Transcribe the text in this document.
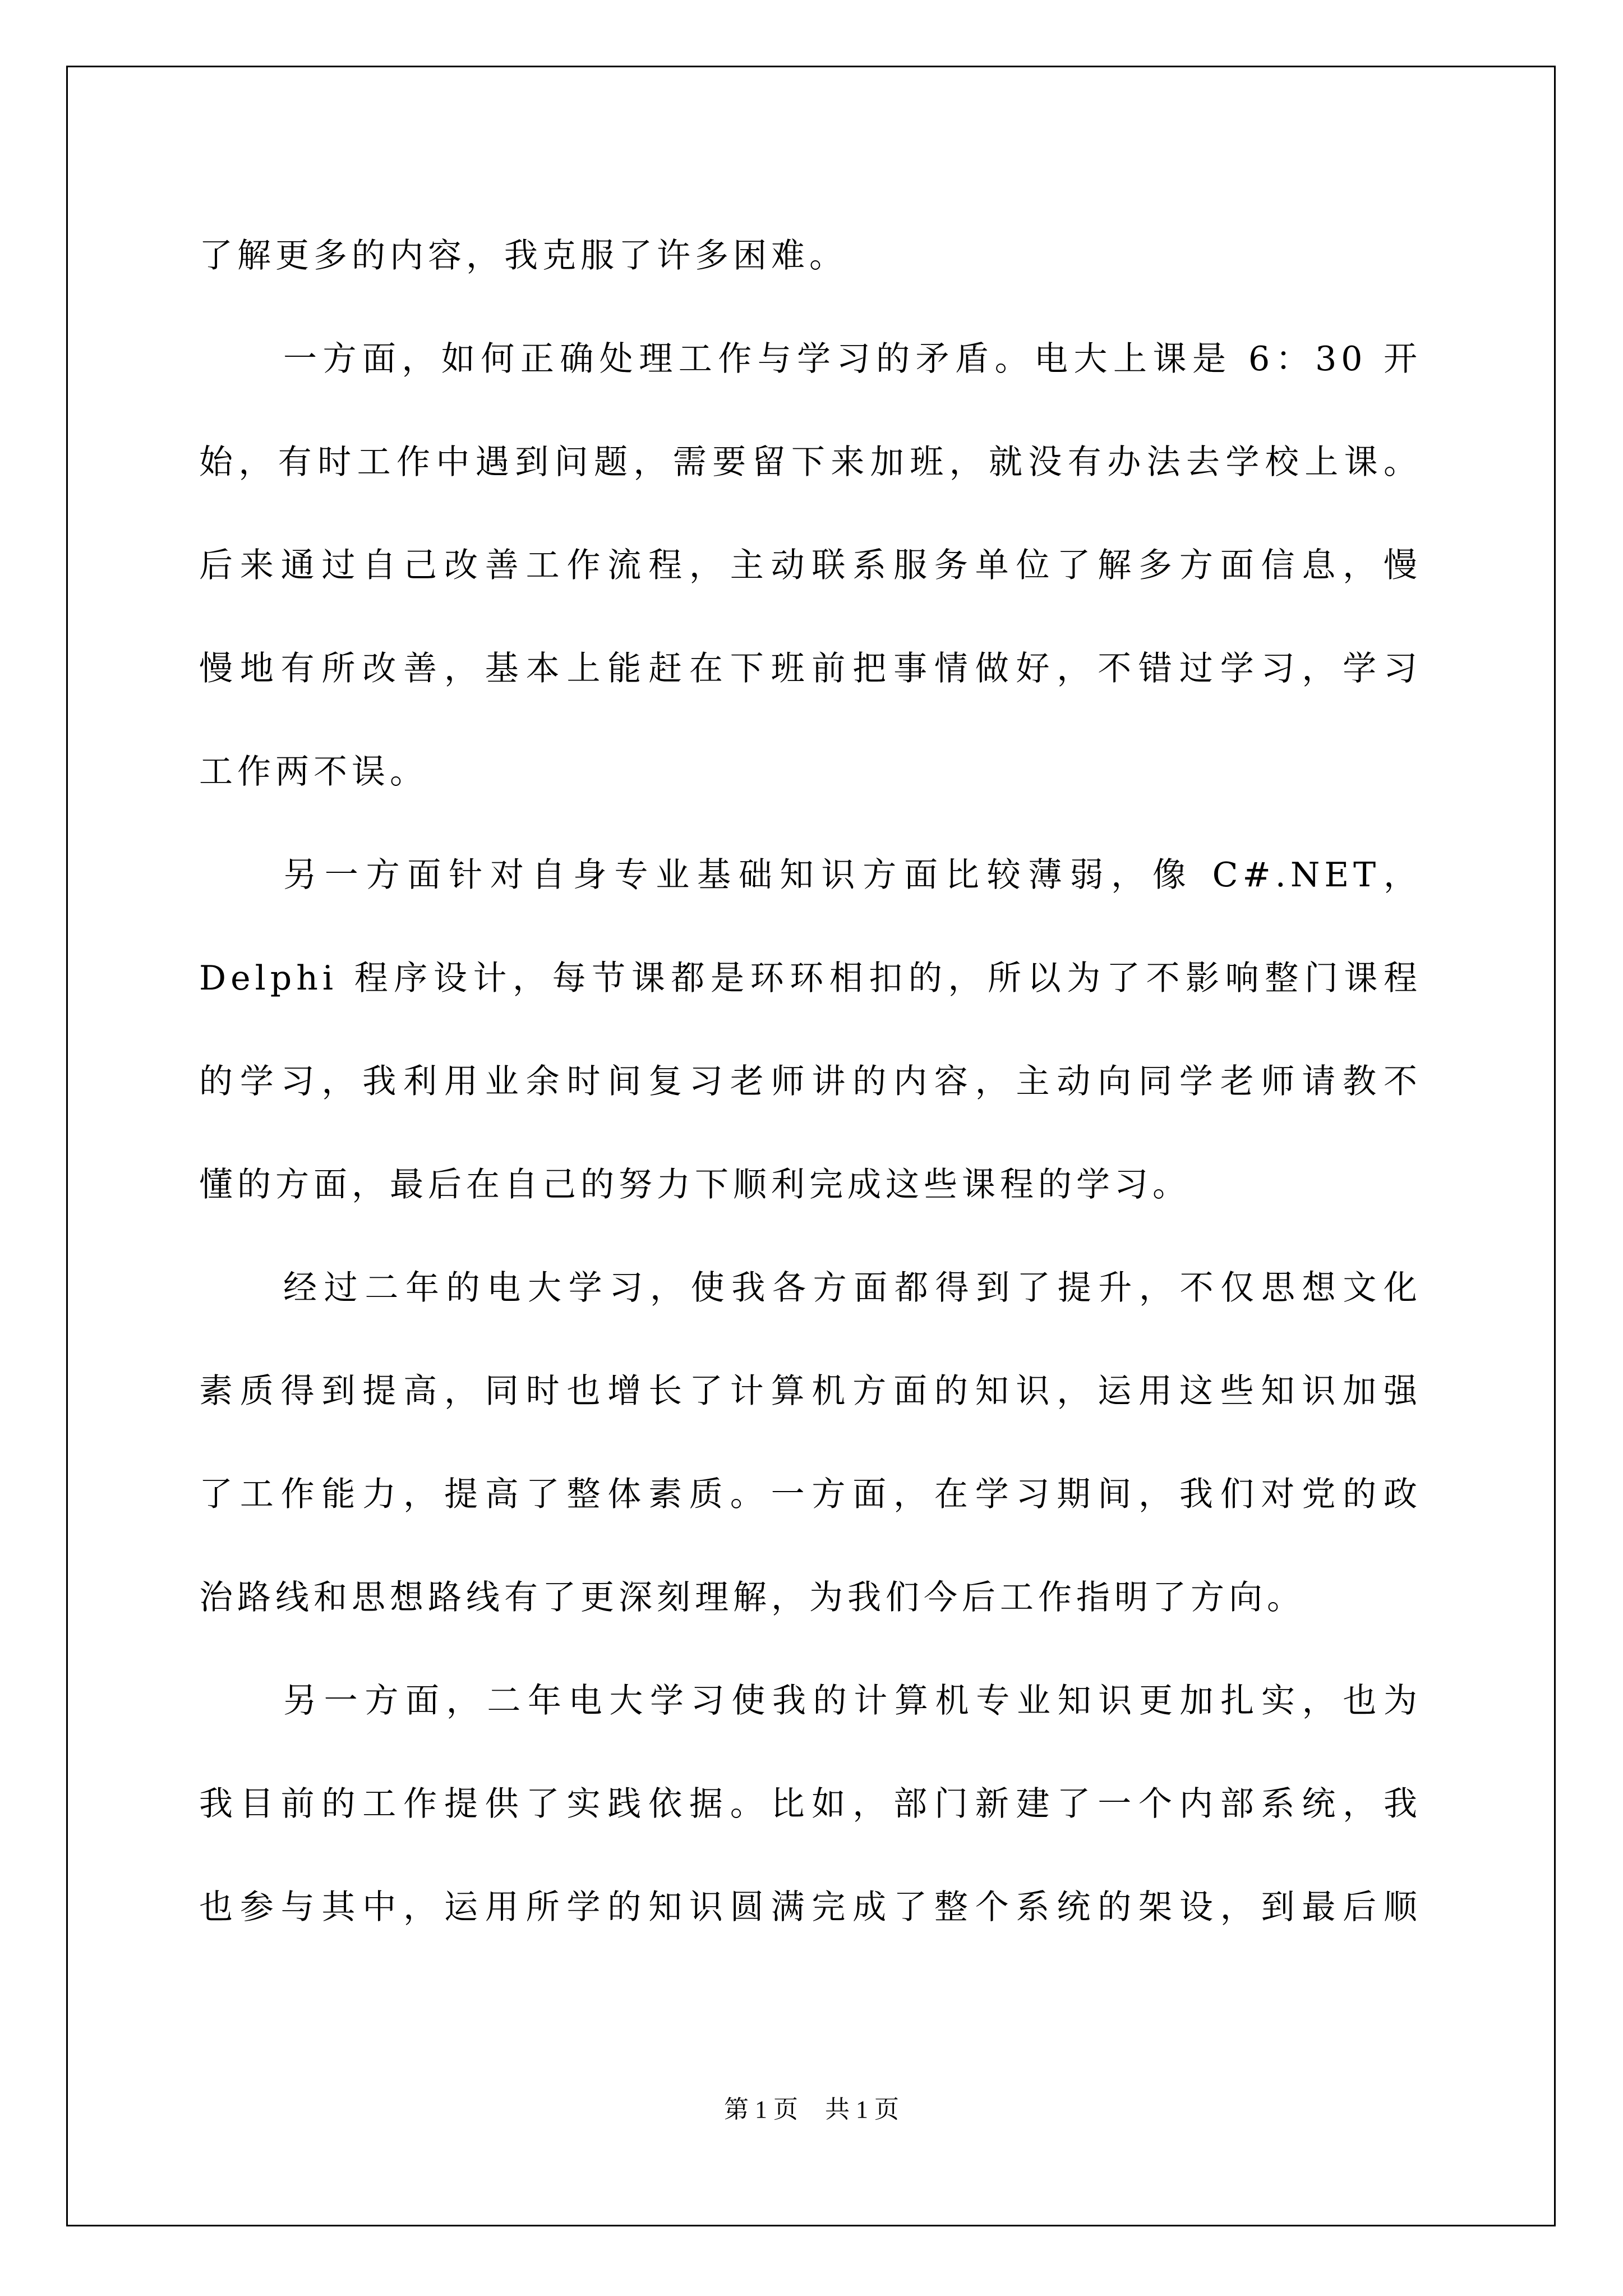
了解更多的内容，我克服了许多困难。
一方面，如何正确处理工作与学习的矛盾。电大上课是 6：30 开
始，有时工作中遇到问题，需要留下来加班，就没有办法去学校上课。
后来通过自己改善工作流程，主动联系服务单位了解多方面信息，慢
慢地有所改善，基本上能赶在下班前把事情做好，不错过学习，学习
工作两不误。
另一方面针对自身专业基础知识方面比较薄弱，像 C#.NET，
Delphi 程序设计，每节课都是环环相扣的，所以为了不影响整门课程
的学习，我利用业余时间复习老师讲的内容，主动向同学老师请教不
懂的方面，最后在自己的努力下顺利完成这些课程的学习。
经过二年的电大学习，使我各方面都得到了提升，不仅思想文化
素质得到提高，同时也增长了计算机方面的知识，运用这些知识加强
了工作能力，提高了整体素质。一方面，在学习期间，我们对党的政
治路线和思想路线有了更深刻理解，为我们今后工作指明了方向。
另一方面，二年电大学习使我的计算机专业知识更加扎实，也为
我目前的工作提供了实践依据。比如，部门新建了一个内部系统，我
也参与其中，运用所学的知识圆满完成了整个系统的架设，到最后顺
第 1 页 共 1 页
